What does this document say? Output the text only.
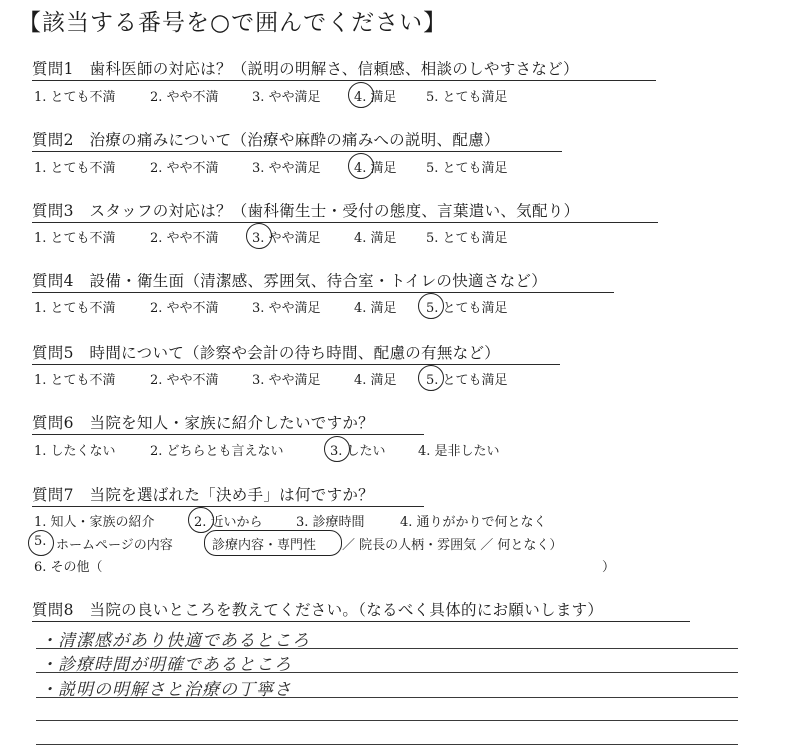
【該当する番号を○で囲んでください】
質問1　歯科医師の対応は？（説明の明解さ、信頼感、相談のしやすさなど）
1. とても不満	2. やや不満	3. やや満足	4. 満足 5. とても満足
質問2　治療の痛みについて（治療や麻酔の痛みへの説明、配慮）
1. とても不満	2. やや不満	3. やや満足	4. 満足 5. とても満足
質問3　スタッフの対応は？（歯科衛生士・受付の態度、言葉遣い、気配り）
1. とても不満	2. やや不満	3. やや満足	4. 満足 5. とても満足
質問4　設備・衛生面（清潔感、雰囲気、待合室・トイレの快適さなど）
1. とても不満	2. やや不満	3. やや満足	4. 満足 5. とても満足
質問5　時間について（診察や会計の待ち時間、配慮の有無など）
1. とても不満	2. やや不満	3. やや満足	4. 満足 5. とても満足
質問6　当院を知人・家族に紹介したいですか？
1. したくない	2. どちらとも言えない	3. したい 4. 是非したい
質問7　当院を選ばれた「決め手」は何ですか？
1. 知人・家族の紹介	2. 近いから	3. 診療時間	4. 通りがかりで何となく
5. ホームページの内容	診療内容・専門性 ／ 院長の人柄・雰囲気 ／ 何となく）
6. その他（	）
質問8　当院の良いところを教えてください。（なるべく具体的にお願いします）
・清潔感があり快適であるところ
・診療時間が明確であるところ
・説明の明解さと治療の丁寧さ
